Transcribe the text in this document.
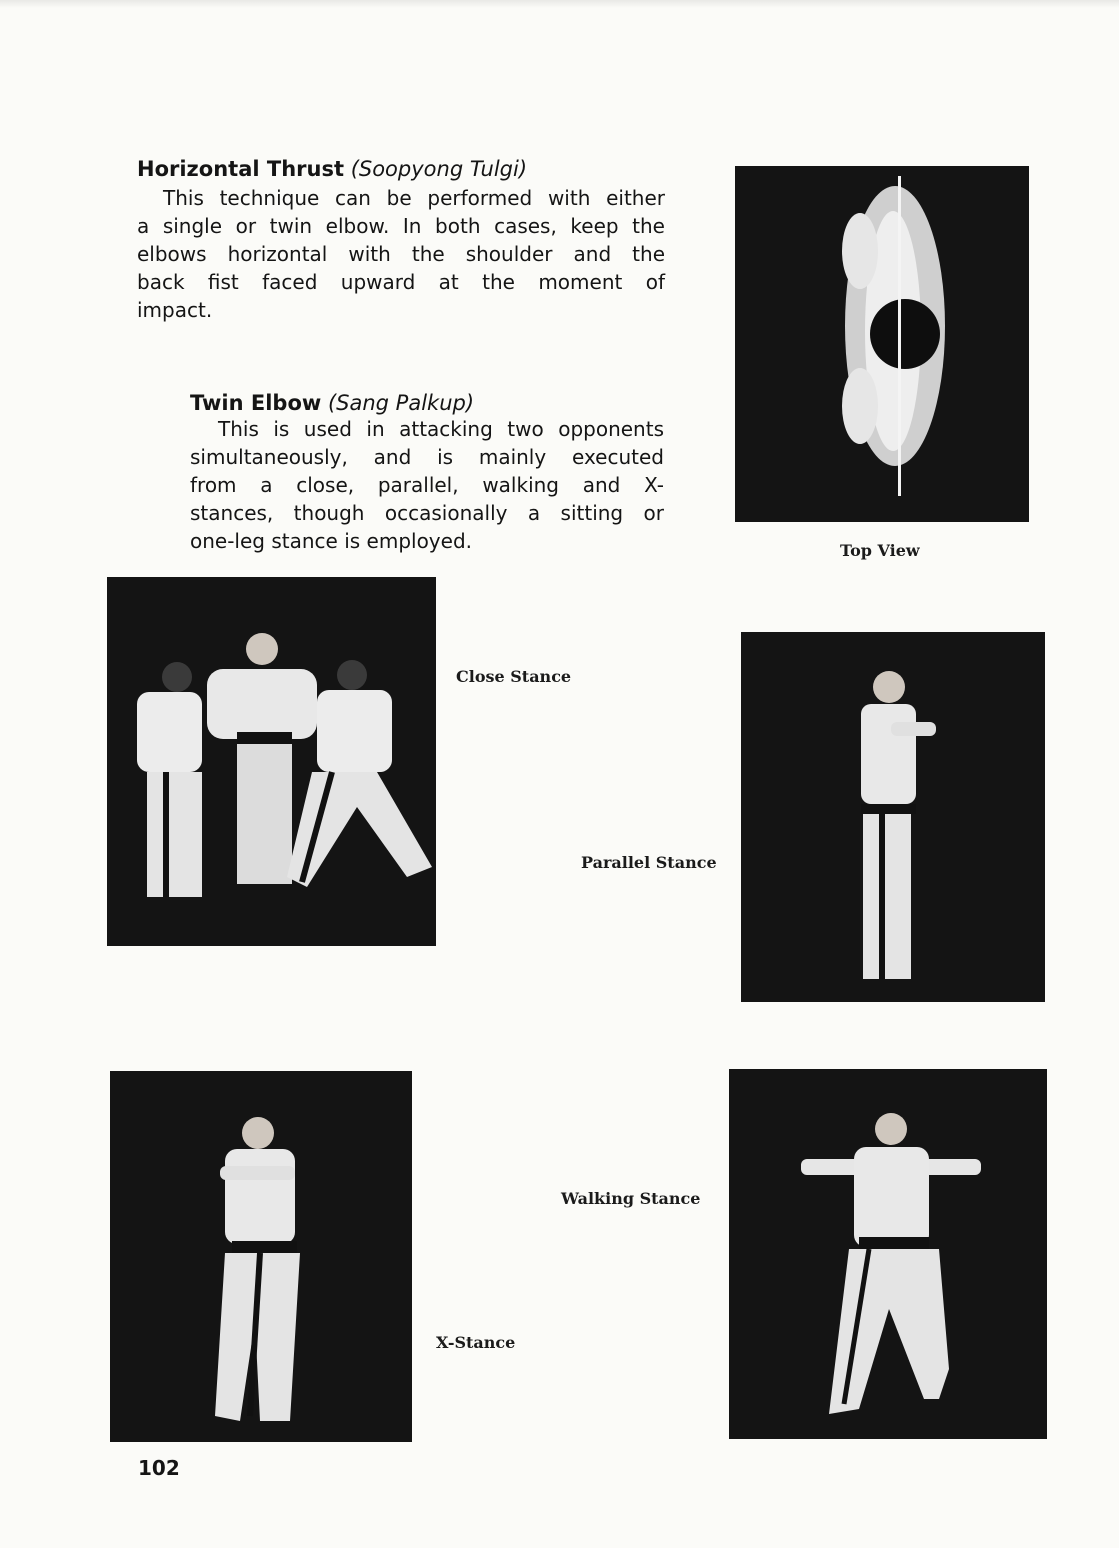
Horizontal Thrust (Soopyong Tulgi)
This technique can be performed with either
a single or twin elbow. In both cases, keep the
elbows horizontal with the shoulder and the
back fist faced upward at the moment of
impact.
Twin Elbow (Sang Palkup)
This is used in attacking two opponents
simultaneously, and is mainly executed
from a close, parallel, walking and X-
stances, though occasionally a sitting or
one-leg stance is employed.	Top View
Close Stance
Parallel Stance
X-Stance
Walking Stance
102
